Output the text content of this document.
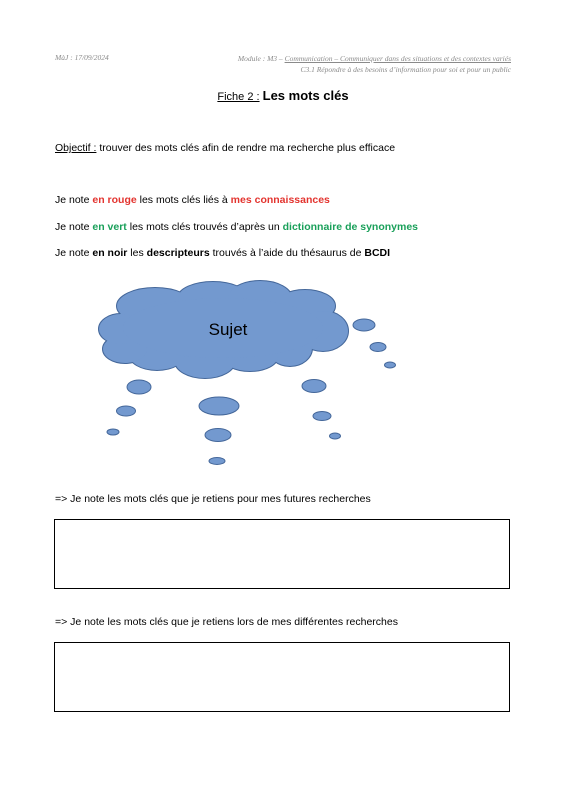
MàJ : 17/09/2024	Module : M3 – Communication – Communiquer dans des situations et des contextes variés
C3.1 Répondre à des besoins d’information pour soi et pour un public
Fiche 2 : Les mots clés
Objectif : trouver des mots clés afin de rendre ma recherche plus efficace
Je note en rouge les mots clés liés à mes connaissances
Je note en vert les mots clés trouvés d’après un dictionnaire de synonymes
Je note en noir les descripteurs trouvés à l’aide du thésaurus de BCDI
Sujet
=> Je note les mots clés que je retiens pour mes futures recherches
=> Je note les mots clés que je retiens lors de mes différentes recherches
